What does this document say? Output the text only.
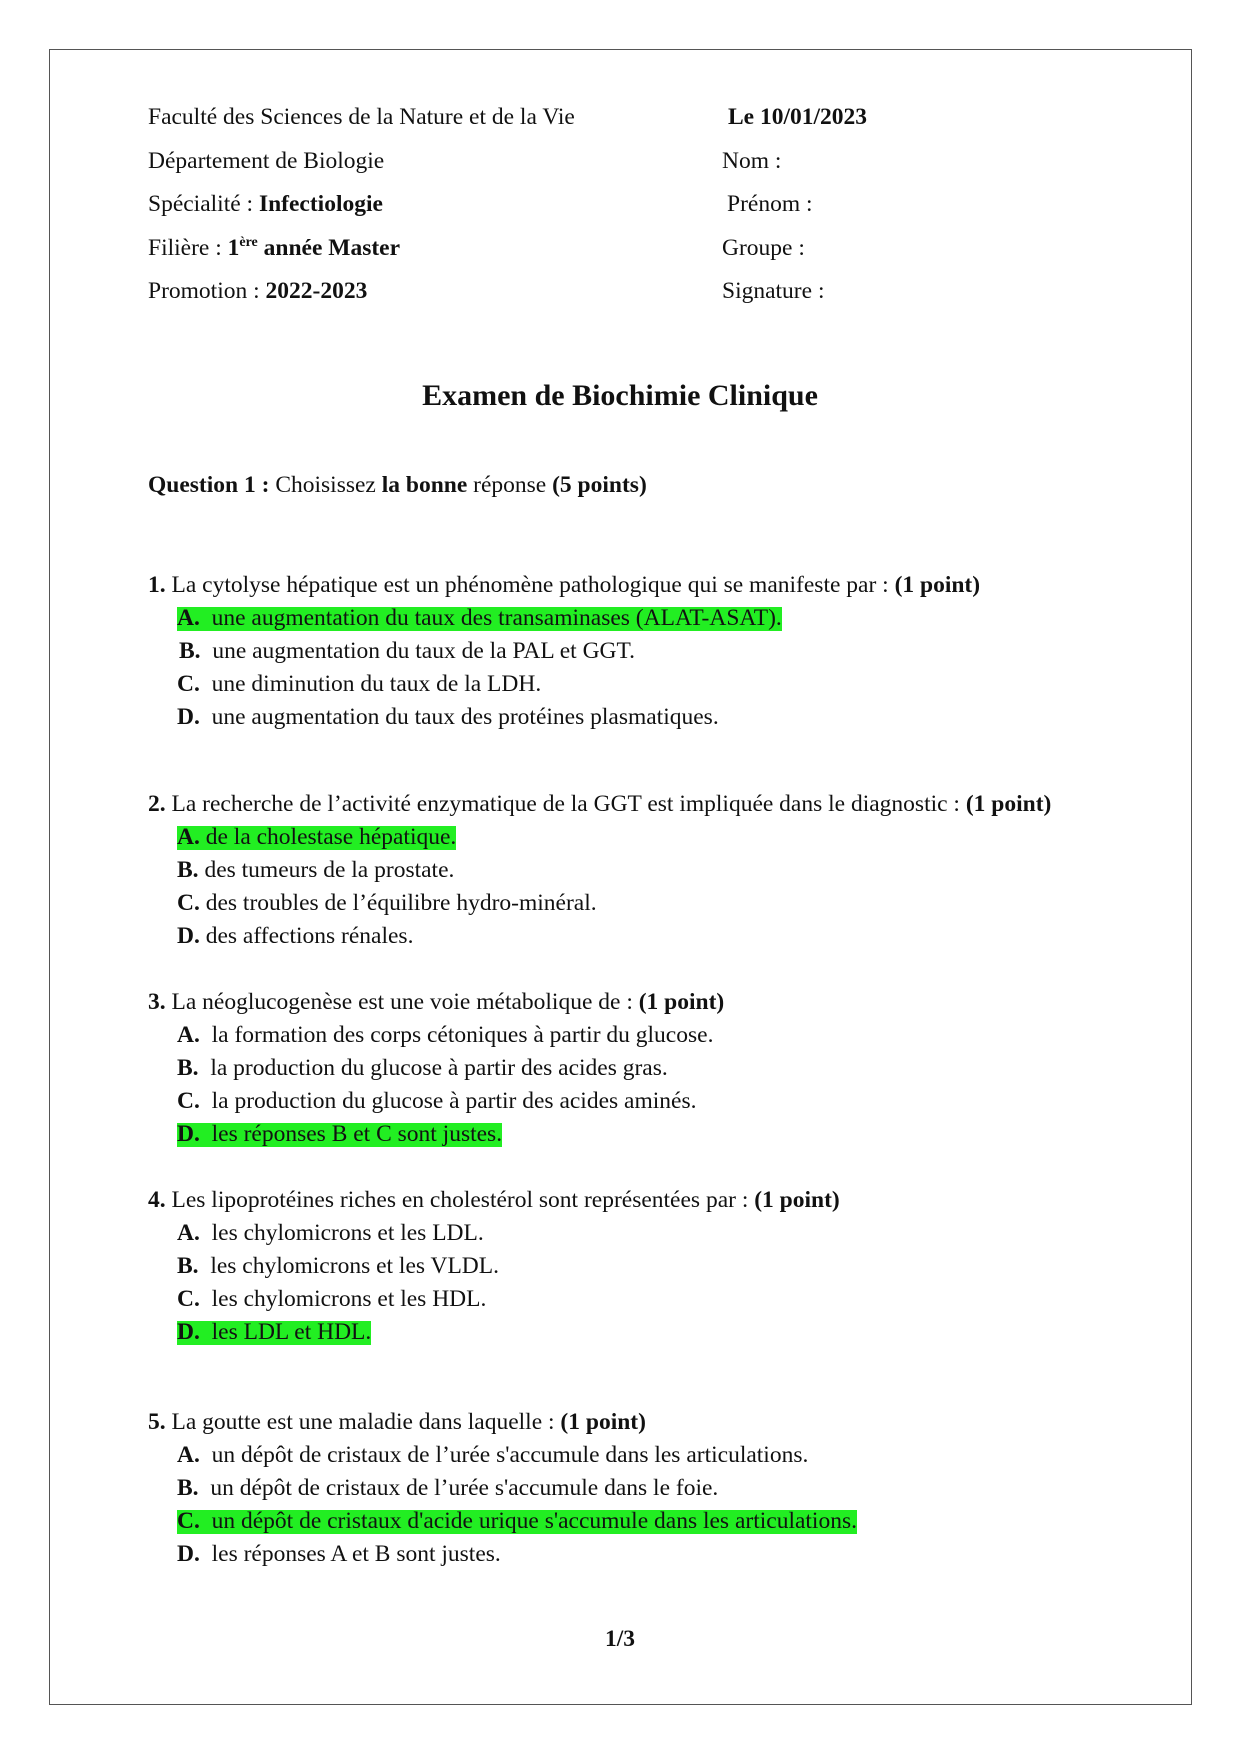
Faculté des Sciences de la Nature et de la Vie
Département de Biologie
Spécialité : Infectiologie
Filière : 1ère année Master
Promotion : 2022-2023
Le 10/01/2023
Nom :
Prénom :
Groupe :
Signature :
Examen de Biochimie Clinique
Question 1 : Choisissez la bonne réponse (5 points)
1. La cytolyse hépatique est un phénomène pathologique qui se manifeste par : (1 point)
A. une augmentation du taux des transaminases (ALAT-ASAT).
B. une augmentation du taux de la PAL et GGT.
C. une diminution du taux de la LDH.
D. une augmentation du taux des protéines plasmatiques.
2. La recherche de l’activité enzymatique de la GGT est impliquée dans le diagnostic : (1 point)
A. de la cholestase hépatique.
B. des tumeurs de la prostate.
C. des troubles de l’équilibre hydro-minéral.
D. des affections rénales.
3. La néoglucogenèse est une voie métabolique de : (1 point)
A. la formation des corps cétoniques à partir du glucose.
B. la production du glucose à partir des acides gras.
C. la production du glucose à partir des acides aminés.
D. les réponses B et C sont justes.
4. Les lipoprotéines riches en cholestérol sont représentées par : (1 point)
A. les chylomicrons et les LDL.
B. les chylomicrons et les VLDL.
C. les chylomicrons et les HDL.
D. les LDL et HDL.
5. La goutte est une maladie dans laquelle : (1 point)
A. un dépôt de cristaux de l’urée s'accumule dans les articulations.
B. un dépôt de cristaux de l’urée s'accumule dans le foie.
C. un dépôt de cristaux d'acide urique s'accumule dans les articulations.
D. les réponses A et B sont justes.
1/3
